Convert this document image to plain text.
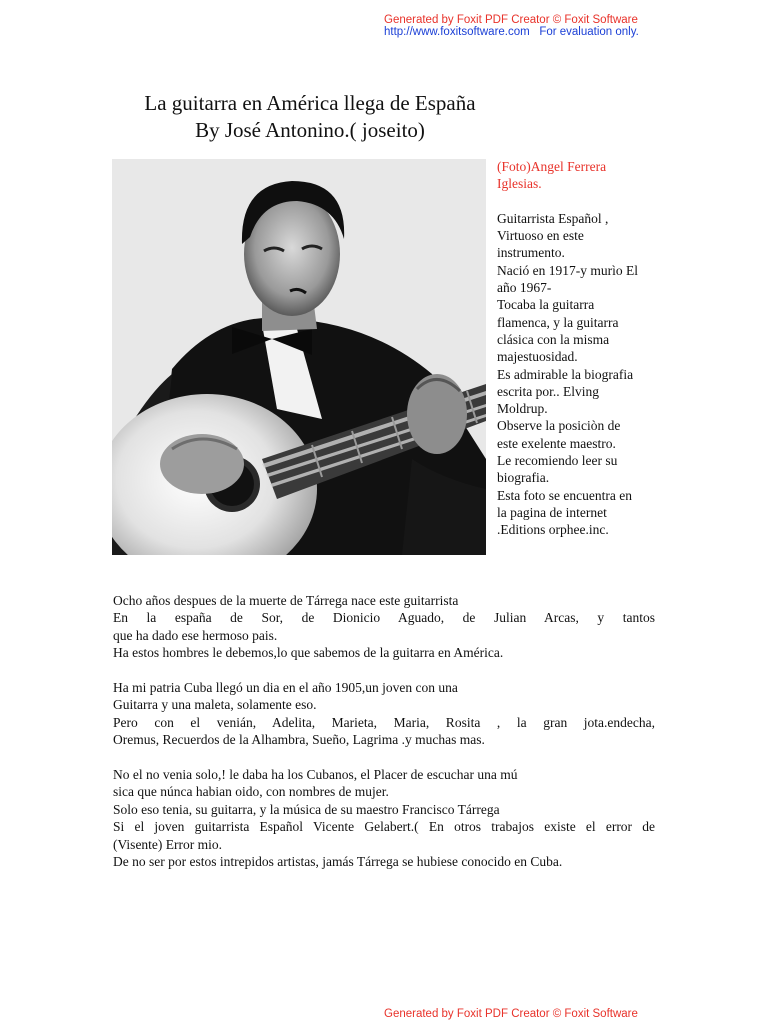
Generated by Foxit PDF Creator © Foxit Software
http://www.foxitsoftware.com For evaluation only.
La guitarra en América llega de España
By José Antonino.( joseito)
(Foto)Angel Ferrera
Iglesias.
Guitarrista Español ,
Virtuoso en este
instrumento.
Nació en 1917-y murìo El
año 1967-
Tocaba la guitarra
flamenca, y la guitarra
clásica con la misma
majestuosidad.
Es admirable la biografia
escrita por.. Elving
Moldrup.
Observe la posiciòn de
este exelente maestro.
Le recomiendo leer su
biografia.
Esta foto se encuentra en
la pagina de internet
.Editions orphee.inc.
Ocho años despues de la muerte de Tárrega nace este guitarrista
En la españa de Sor, de Dionicio Aguado, de Julian Arcas, y tantos
que ha dado ese hermoso pais.
Ha estos hombres le debemos,lo que sabemos de la guitarra en América.
Ha mi patria Cuba llegó un dia en el año 1905,un joven con una
Guitarra y una maleta, solamente eso.
Pero con el venián, Adelita, Marieta, Maria, Rosita , la gran jota.endecha,
Oremus, Recuerdos de la Alhambra, Sueño, Lagrima .y muchas mas.
No el no venia solo,! le daba ha los Cubanos, el Placer de escuchar una mú
sica que núnca habian oido, con nombres de mujer.
Solo eso tenia, su guitarra, y la música de su maestro Francisco Tárrega
Si el joven guitarrista Español Vicente Gelabert.( En otros trabajos existe el error de
(Visente) Error mio.
De no ser por estos intrepidos artistas, jamás Tárrega se hubiese conocido en Cuba.
Generated by Foxit PDF Creator © Foxit Software
